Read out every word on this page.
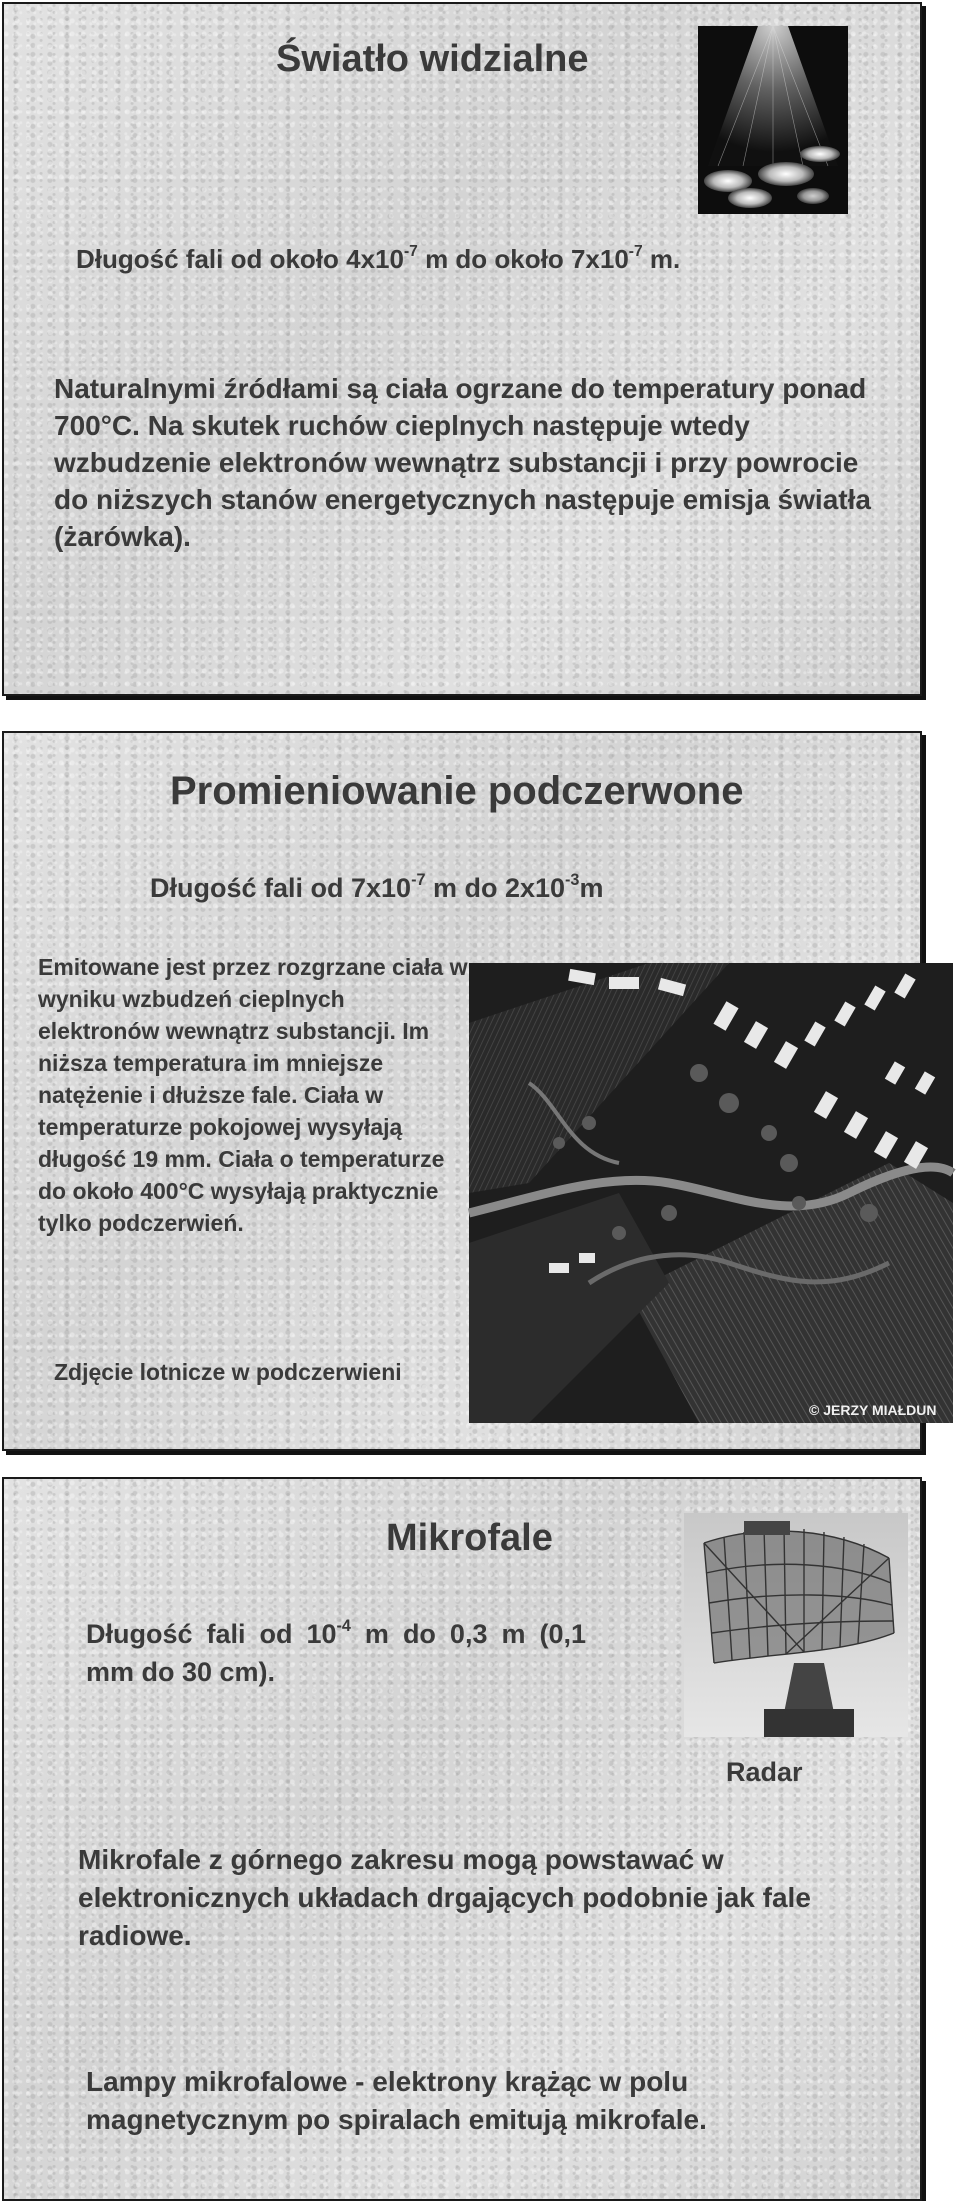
Światło widzialne

Długość fali od około $4x10^{-7}$ m do około $7x10^{-7}$ m.

Naturalnymi źródłami są ciała ogrzane do temperatury ponad 700°C. Na skutek ruchów cieplnych następuje wtedy wzbudzenie elektronów wewnątrz substancji i przy powrocie do niższych stanów energetycznych następuje emisja światła (żarówka).

Promieniowanie podczerwone

Długość fali od $7x10^{-7}$ m do $2x10^{-3}m$

Emitowane jest przez rozgrzane ciała w wyniku wzbudzeń cieplnych elektronów wewnątrz substancji. Im niższa temperatura im mniejsze natężenie i dłuższe fale. Ciała w temperaturze pokojowej wysyłają długość 19 mm. Ciała o temperaturze do około 400°C wysyłają praktycznie tylko podczerwień.

© JERZY MIAŁDUN

Zdjęcie lotnicze w podczerwieni

Mikrofale

Długość fali od $10^{-4}$ m do 0,3 m (0,1 mm do 30 cm).

Radar

Mikrofale z górnego zakresu mogą powstawać w elektronicznych układach drgających podobnie jak fale radiowe.

Lampy mikrofalowe - elektrony krążąc w polu magnetycznym po spiralach emitują mikrofale.
